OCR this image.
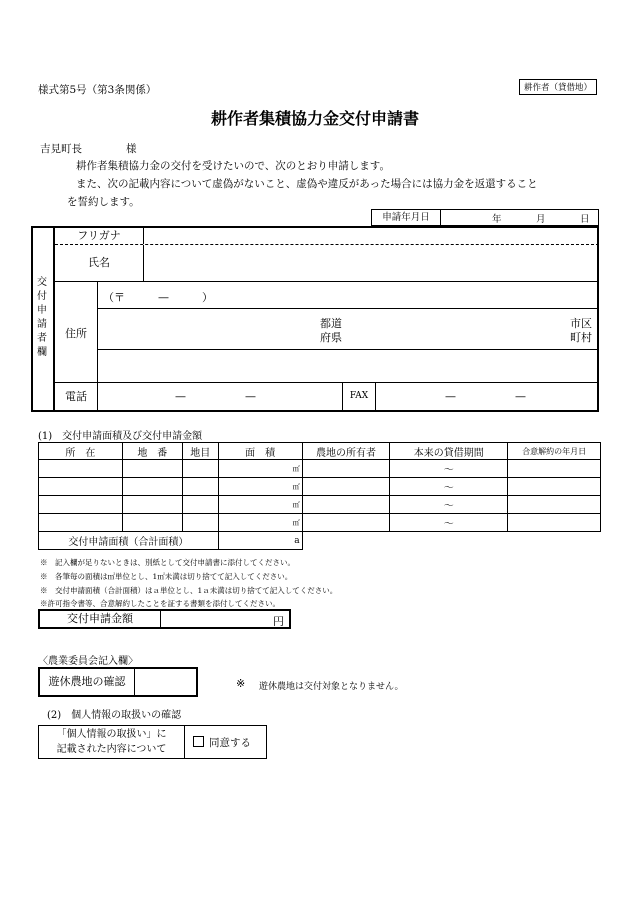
様式第5号（第3条関係）	耕作者（貸借地）
耕作者集積協力金交付申請書
吉見町長	様
耕作者集積協力金の交付を受けたいので、次のとおり申請します。
また、次の記載内容について虚偽がないこと、虚偽や違反があった場合には協力金を返還すること
を誓約します。
申請年月日	年	月	日
交付申請者欄
フリガナ
氏名
住所
（〒　　　—　　　）
都道
府県
市区
町村
電話	—	—	FAX	—	—
(1)　交付申請面積及び交付申請金額
所　在	地　番	地目	面　積	農地の所有者	本来の貸借期間	合意解約の年月日
			㎡		〜	
			㎡		〜	
			㎡		〜	
			㎡		〜	
交付申請面積（合計面積）			a			
※　記入欄が足りないときは、別紙として交付申請書に添付してください。
※　各筆毎の面積は㎡単位とし、1㎡未満は切り捨てて記入してください。
※　交付申請面積（合計面積）はａ単位とし、1ａ未満は切り捨てて記入してください。
※許可指令書等、合意解約したことを証する書類を添付してください。
交付申請金額	円
〈農業委員会記入欄〉
遊休農地の確認	※ 遊休農地は交付対象となりません。
(2)　個人情報の取扱いの確認
「個人情報の取扱い」に
記載された内容について
同意する
